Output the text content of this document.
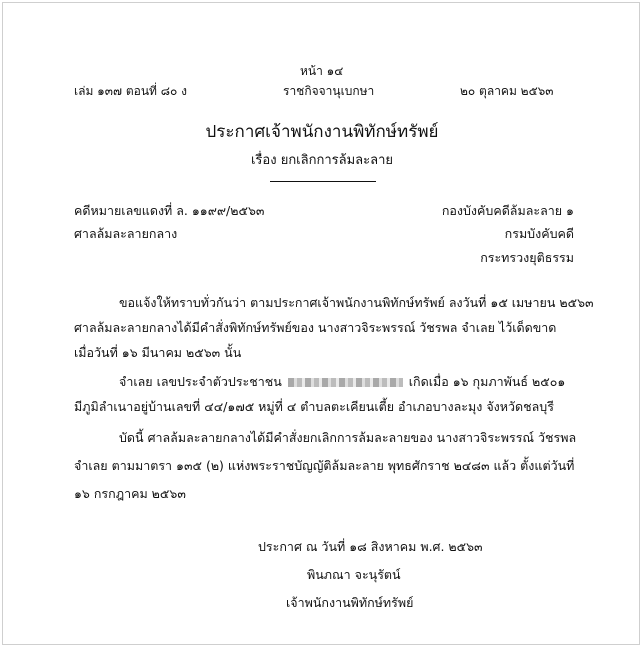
หน้า ๑๔
เล่ม ๑๓๗ ตอนที่ ๘๐ ง	ราชกิจจานุเบกษา	๒๐ ตุลาคม ๒๕๖๓
ประกาศเจ้าพนักงานพิทักษ์ทรัพย์
เรื่อง ยกเลิกการล้มละลาย
คดีหมายเลขแดงที่ ล. ๑๑๙๙/๒๕๖๓
ศาลล้มละลายกลาง
กองบังคับคดีล้มละลาย ๑
กรมบังคับคดี
กระทรวงยุติธรรม
ขอแจ้งให้ทราบทั่วกันว่า ตามประกาศเจ้าพนักงานพิทักษ์ทรัพย์ ลงวันที่ ๑๕ เมษายน ๒๕๖๓
ศาลล้มละลายกลางได้มีคำสั่งพิทักษ์ทรัพย์ของ นางสาวจิระพรรณ์ วัชรพล จำเลย ไว้เด็ดขาด
เมื่อวันที่ ๑๖ มีนาคม ๒๕๖๓ นั้น
จำเลย เลขประจำตัวประชาชน	เกิดเมื่อ ๑๖ กุมภาพันธ์ ๒๕๐๑
มีภูมิลำเนาอยู่บ้านเลขที่ ๔๔/๑๗๕ หมู่ที่ ๔ ตำบลตะเคียนเตี้ย อำเภอบางละมุง จังหวัดชลบุรี
บัดนี้ ศาลล้มละลายกลางได้มีคำสั่งยกเลิกการล้มละลายของ นางสาวจิระพรรณ์ วัชรพล
จำเลย ตามมาตรา ๑๓๕ (๒) แห่งพระราชบัญญัติล้มละลาย พุทธศักราช ๒๔๘๓ แล้ว ตั้งแต่วันที่
๑๖ กรกฎาคม ๒๕๖๓
ประกาศ ณ วันที่ ๑๘ สิงหาคม พ.ศ. ๒๕๖๓
พินภณา จะนุรัตน์
เจ้าพนักงานพิทักษ์ทรัพย์
